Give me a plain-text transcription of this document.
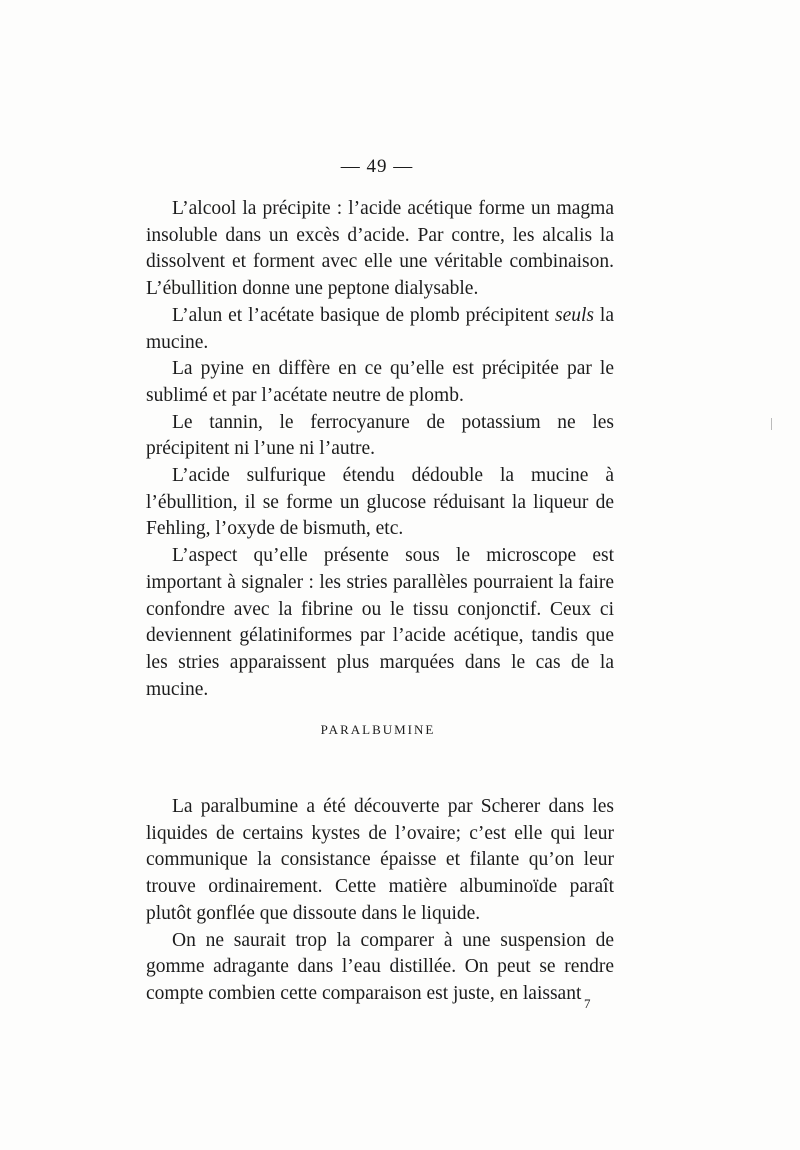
— 49 —

L’alcool la précipite : l’acide acétique forme un magma insoluble dans un excès d’acide. Par contre, les alcalis la dissolvent et forment avec elle une véritable combinaison. L’ébullition donne une peptone dialysable.

L’alun et l’acétate basique de plomb précipitent seuls la mucine.

La pyine en diffère en ce qu’elle est précipitée par le sublimé et par l’acétate neutre de plomb.

Le tannin, le ferrocyanure de potassium ne les précipitent ni l’une ni l’autre.

L’acide sulfurique étendu dédouble la mucine à l’ébullition, il se forme un glucose réduisant la liqueur de Fehling, l’oxyde de bismuth, etc.

L’aspect qu’elle présente sous le microscope est important à signaler : les stries parallèles pourraient la faire confondre avec la fibrine ou le tissu conjonctif. Ceux ci deviennent gélatiniformes par l’acide acétique, tandis que les stries apparaissent plus marquées dans le cas de la mucine.

PARALBUMINE

La paralbumine a été découverte par Scherer dans les liquides de certains kystes de l’ovaire; c’est elle qui leur communique la consistance épaisse et filante qu’on leur trouve ordinairement. Cette matière albuminoïde paraît plutôt gonflée que dissoute dans le liquide.

On ne saurait trop la comparer à une suspension de gomme adragante dans l’eau distillée. On peut se rendre compte combien cette comparaison est juste, en laissant 7
